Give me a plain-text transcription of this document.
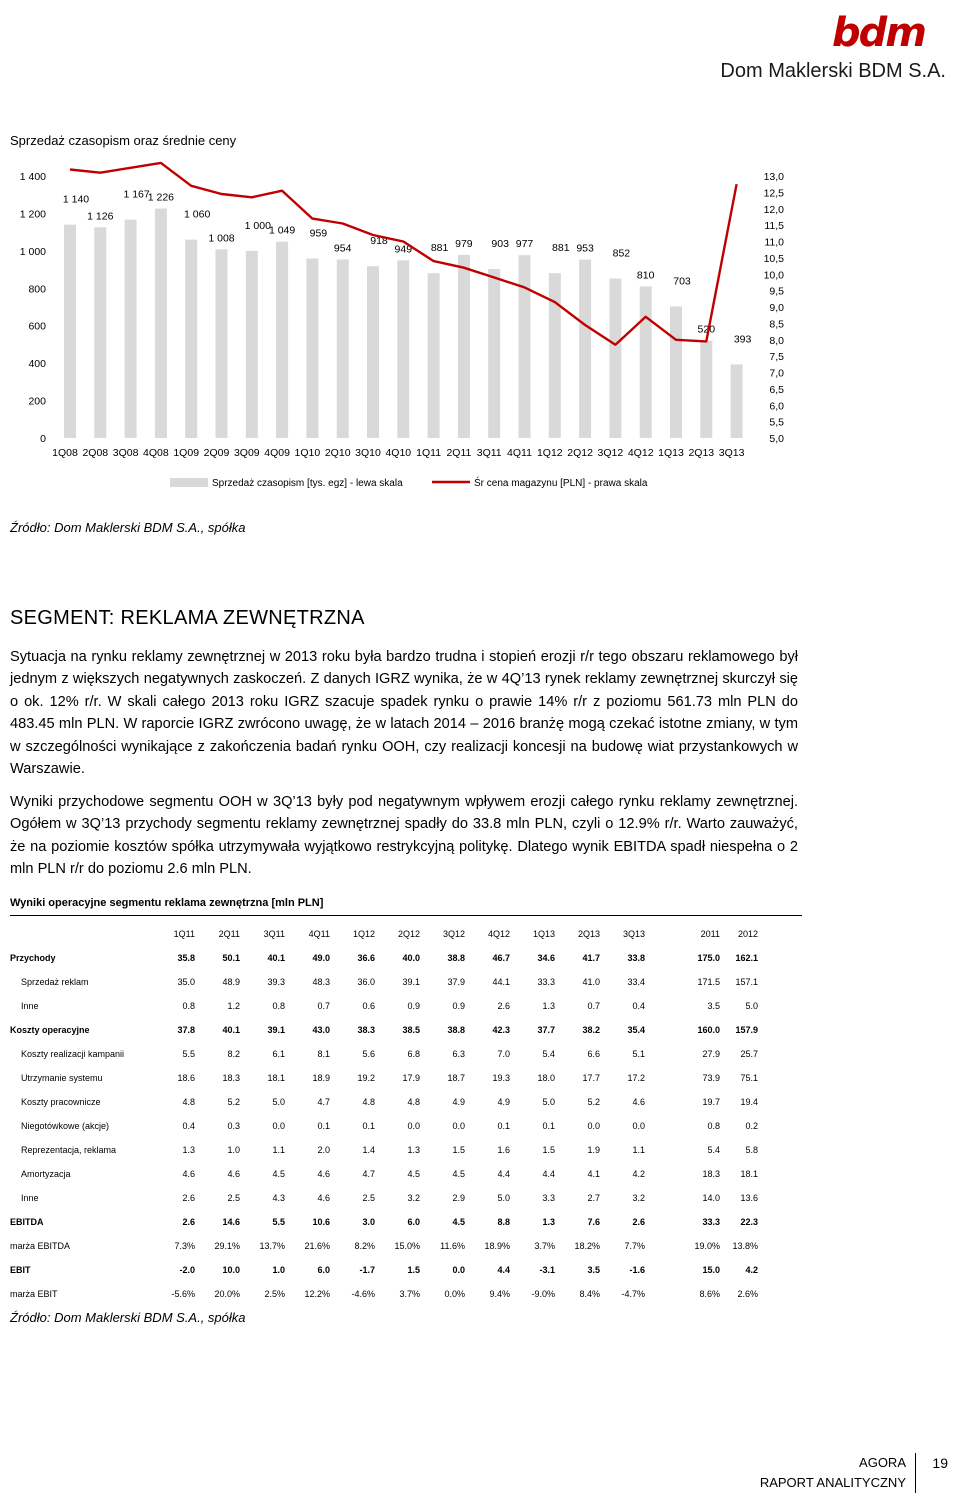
bdm
Dom Maklerski BDM S.A.
Sprzedaż czasopism oraz średnie ceny
0
200
400
600
800
1 000
1 200
1 400
5,0
5,5
6,0
6,5
7,0
7,5
8,0
8,5
9,0
9,5
10,0
10,5
11,0
11,5
12,0
12,5
13,0
1 140
1 126
1 167
1 226
1 060
1 008
1 000
1 049 959
954
918
949 881 979 903 977 881 953 852
810
703
520
393
1Q08 2Q08 3Q08 4Q08 1Q09 2Q09 3Q09 4Q09 1Q10 2Q10 3Q10 4Q10 1Q11 2Q11 3Q11 4Q11 1Q12 2Q12 3Q12 4Q12 1Q13 2Q13 3Q13
Sprzedaż czasopism [tys. egz] - lewa skala	Śr cena magazynu [PLN] - prawa skala
Źródło: Dom Maklerski BDM S.A., spółka
SEGMENT: REKLAMA ZEWNĘTRZNA
Sytuacja na rynku reklamy zewnętrznej w 2013 roku była bardzo trudna i stopień erozji r/r tego obszaru reklamowego był jednym z większych negatywnych zaskoczeń. Z danych IGRZ wynika, że w 4Q’13 rynek reklamy zewnętrznej skurczył się o ok. 12% r/r. W skali całego 2013 roku IGRZ szacuje spadek rynku o prawie 14% r/r z poziomu 561.73 mln PLN do 483.45 mln PLN. W raporcie IGRZ zwrócono uwagę, że w latach 2014 – 2016 branżę mogą czekać istotne zmiany, w tym w szczególności wynikające z zakończenia badań rynku OOH, czy realizacji koncesji na budowę wiat przystankowych w Warszawie.
Wyniki przychodowe segmentu OOH w 3Q’13 były pod negatywnym wpływem erozji całego rynku reklamy zewnętrznej. Ogółem w 3Q’13 przychody segmentu reklamy zewnętrznej spadły do 33.8 mln PLN, czyli o 12.9% r/r. Warto zauważyć, że na poziomie kosztów spółka utrzymywała wyjątkowo restrykcyjną politykę. Dlatego wynik EBITDA spadł niespełna o 2 mln PLN r/r do poziomu 2.6 mln PLN.
Wyniki operacyjne segmentu reklama zewnętrzna [mln PLN]
	1Q11	2Q11	3Q11	4Q11	1Q12	2Q12	3Q12	4Q12	1Q13	2Q13	3Q13		2011	2012
Przychody	35.8	50.1	40.1	49.0	36.6	40.0	38.8	46.7	34.6	41.7	33.8		175.0	162.1
Sprzedaż reklam	35.0	48.9	39.3	48.3	36.0	39.1	37.9	44.1	33.3	41.0	33.4		171.5	157.1
Inne	0.8	1.2	0.8	0.7	0.6	0.9	0.9	2.6	1.3	0.7	0.4		3.5	5.0
Koszty operacyjne	37.8	40.1	39.1	43.0	38.3	38.5	38.8	42.3	37.7	38.2	35.4		160.0	157.9
Koszty realizacji kampanii	5.5	8.2	6.1	8.1	5.6	6.8	6.3	7.0	5.4	6.6	5.1		27.9	25.7
Utrzymanie systemu	18.6	18.3	18.1	18.9	19.2	17.9	18.7	19.3	18.0	17.7	17.2		73.9	75.1
Koszty pracownicze	4.8	5.2	5.0	4.7	4.8	4.8	4.9	4.9	5.0	5.2	4.6		19.7	19.4
Niegotówkowe (akcje)	0.4	0.3	0.0	0.1	0.1	0.0	0.0	0.1	0.1	0.0	0.0		0.8	0.2
Reprezentacja, reklama	1.3	1.0	1.1	2.0	1.4	1.3	1.5	1.6	1.5	1.9	1.1		5.4	5.8
Amortyzacja	4.6	4.6	4.5	4.6	4.7	4.5	4.5	4.4	4.4	4.1	4.2		18.3	18.1
Inne	2.6	2.5	4.3	4.6	2.5	3.2	2.9	5.0	3.3	2.7	3.2		14.0	13.6
EBITDA	2.6	14.6	5.5	10.6	3.0	6.0	4.5	8.8	1.3	7.6	2.6		33.3	22.3
marża EBITDA	7.3%	29.1%	13.7%	21.6%	8.2%	15.0%	11.6%	18.9%	3.7%	18.2%	7.7%		19.0%	13.8%
EBIT	-2.0	10.0	1.0	6.0	-1.7	1.5	0.0	4.4	-3.1	3.5	-1.6		15.0	4.2
marża EBIT	-5.6%	20.0%	2.5%	12.2%	-4.6%	3.7%	0.0%	9.4%	-9.0%	8.4%	-4.7%		8.6%	2.6%
Źródło: Dom Maklerski BDM S.A., spółka
AGORA
RAPORT ANALITYCZNY
19
